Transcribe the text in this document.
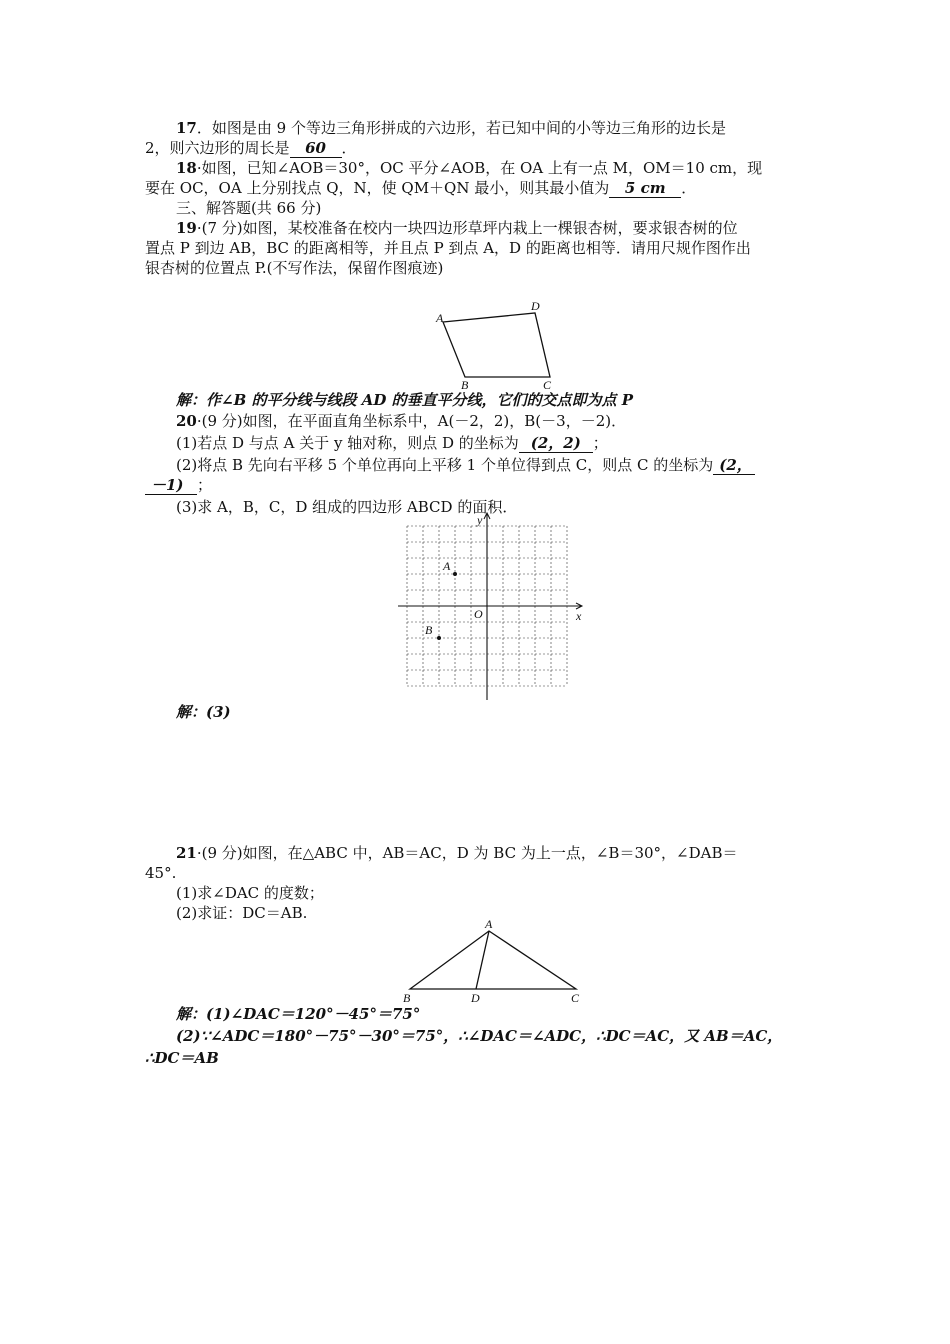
17．如图是由 9 个等边三角形拼成的六边形，若已知中间的小等边三角形的边长是
2，则六边形的周长是 60 ．
18·如图，已知∠AOB＝30°，OC 平分∠AOB，在 OA 上有一点 M，OM＝10 cm，现
要在 OC，OA 上分别找点 Q，N，使 QM＋QN 最小，则其最小值为 5 cm ．
三、解答题(共 66 分)
19·(7 分)如图，某校准备在校内一块四边形草坪内栽上一棵银杏树，要求银杏树的位
置点 P 到边 AB，BC 的距离相等，并且点 P 到点 A，D 的距离也相等．请用尺规作图作出
银杏树的位置点 P.(不写作法，保留作图痕迹)
A
D
B	C
解：作∠B 的平分线与线段 AD 的垂直平分线，它们的交点即为点 P
20·(9 分)如图，在平面直角坐标系中，A(－2，2)，B(－3，－2)．
(1)若点 D 与点 A 关于 y 轴对称，则点 D 的坐标为 (2，2) ；
(2)将点 B 先向右平移 5 个单位再向上平移 1 个单位得到点 C，则点 C 的坐标为 (2，
－1) ；
(3)求 A，B，C，D 组成的四边形 ABCD 的面积．
y
x
O
A
B
解：(3)
21·(9 分)如图，在△ABC 中，AB＝AC，D 为 BC 为上一点，∠B＝30°，∠DAB＝
45°.
(1)求∠DAC 的度数；
(2)求证：DC＝AB.
A
B	D	C
解：(1)∠DAC＝120°－45°＝75°
(2)∵∠ADC＝180°－75°－30°＝75°，∴∠DAC＝∠ADC，∴DC＝AC，又 AB＝AC，
∴DC＝AB
